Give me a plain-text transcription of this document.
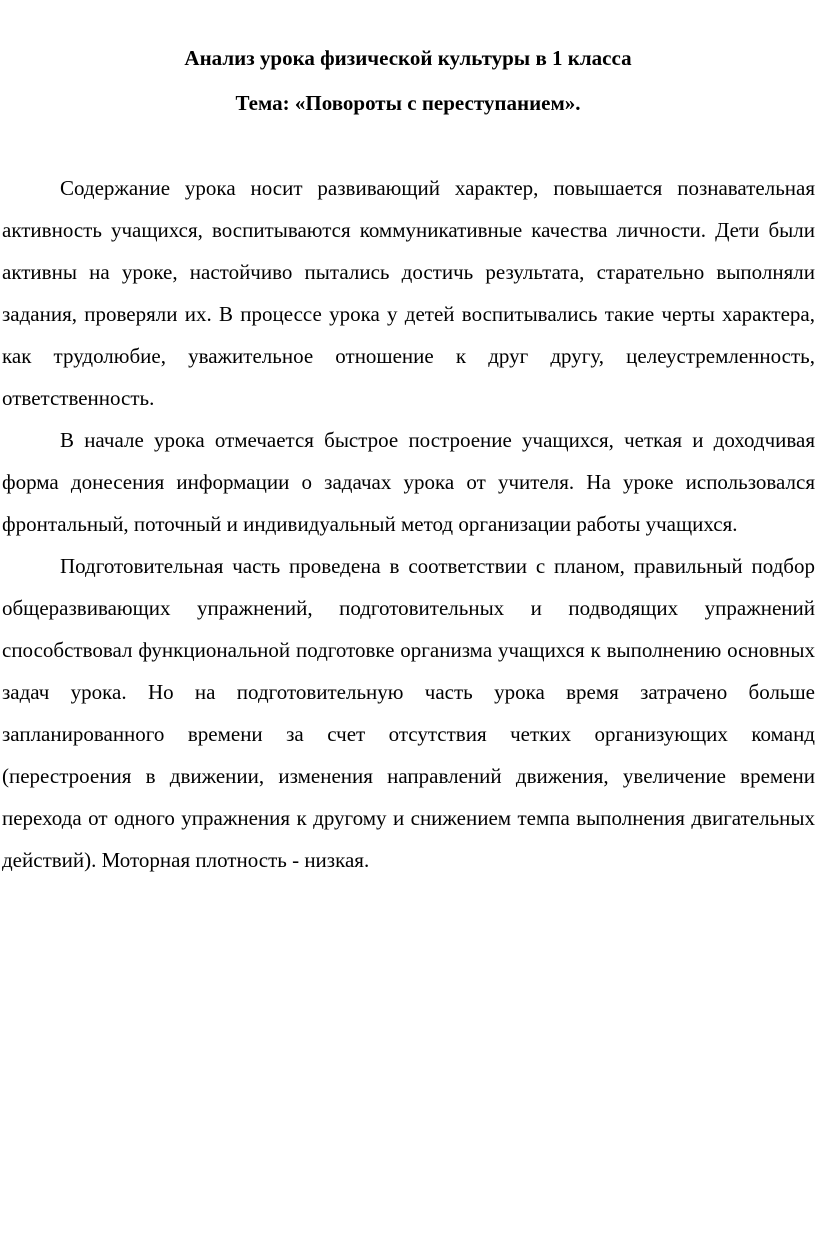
Анализ урока физической культуры в 1 класса
Тема: «Повороты с переступанием».

Содержание урока носит развивающий характер, повышается познавательная активность учащихся, воспитываются коммуникативные качества личности. Дети были активны на уроке, настойчиво пытались достичь результата, старательно выполняли задания, проверяли их. В процессе урока у детей воспитывались такие черты характера, как трудолюбие, уважительное отношение к друг другу, целеустремленность, ответственность.

В начале урока отмечается быстрое построение учащихся, четкая и доходчивая форма донесения информации о задачах урока от учителя. На уроке использовался фронтальный, поточный и индивидуальный метод организации работы учащихся.

Подготовительная часть проведена в соответствии с планом, правильный подбор общеразвивающих упражнений, подготовительных и подводящих упражнений способствовал функциональной подготовке организма учащихся к выполнению основных задач урока. Но на подготовительную часть урока время затрачено больше запланированного времени за счет отсутствия четких организующих команд (перестроения в движении, изменения направлений движения, увеличение времени перехода от одного упражнения к другому и снижением темпа выполнения двигательных действий). Моторная плотность - низкая.
